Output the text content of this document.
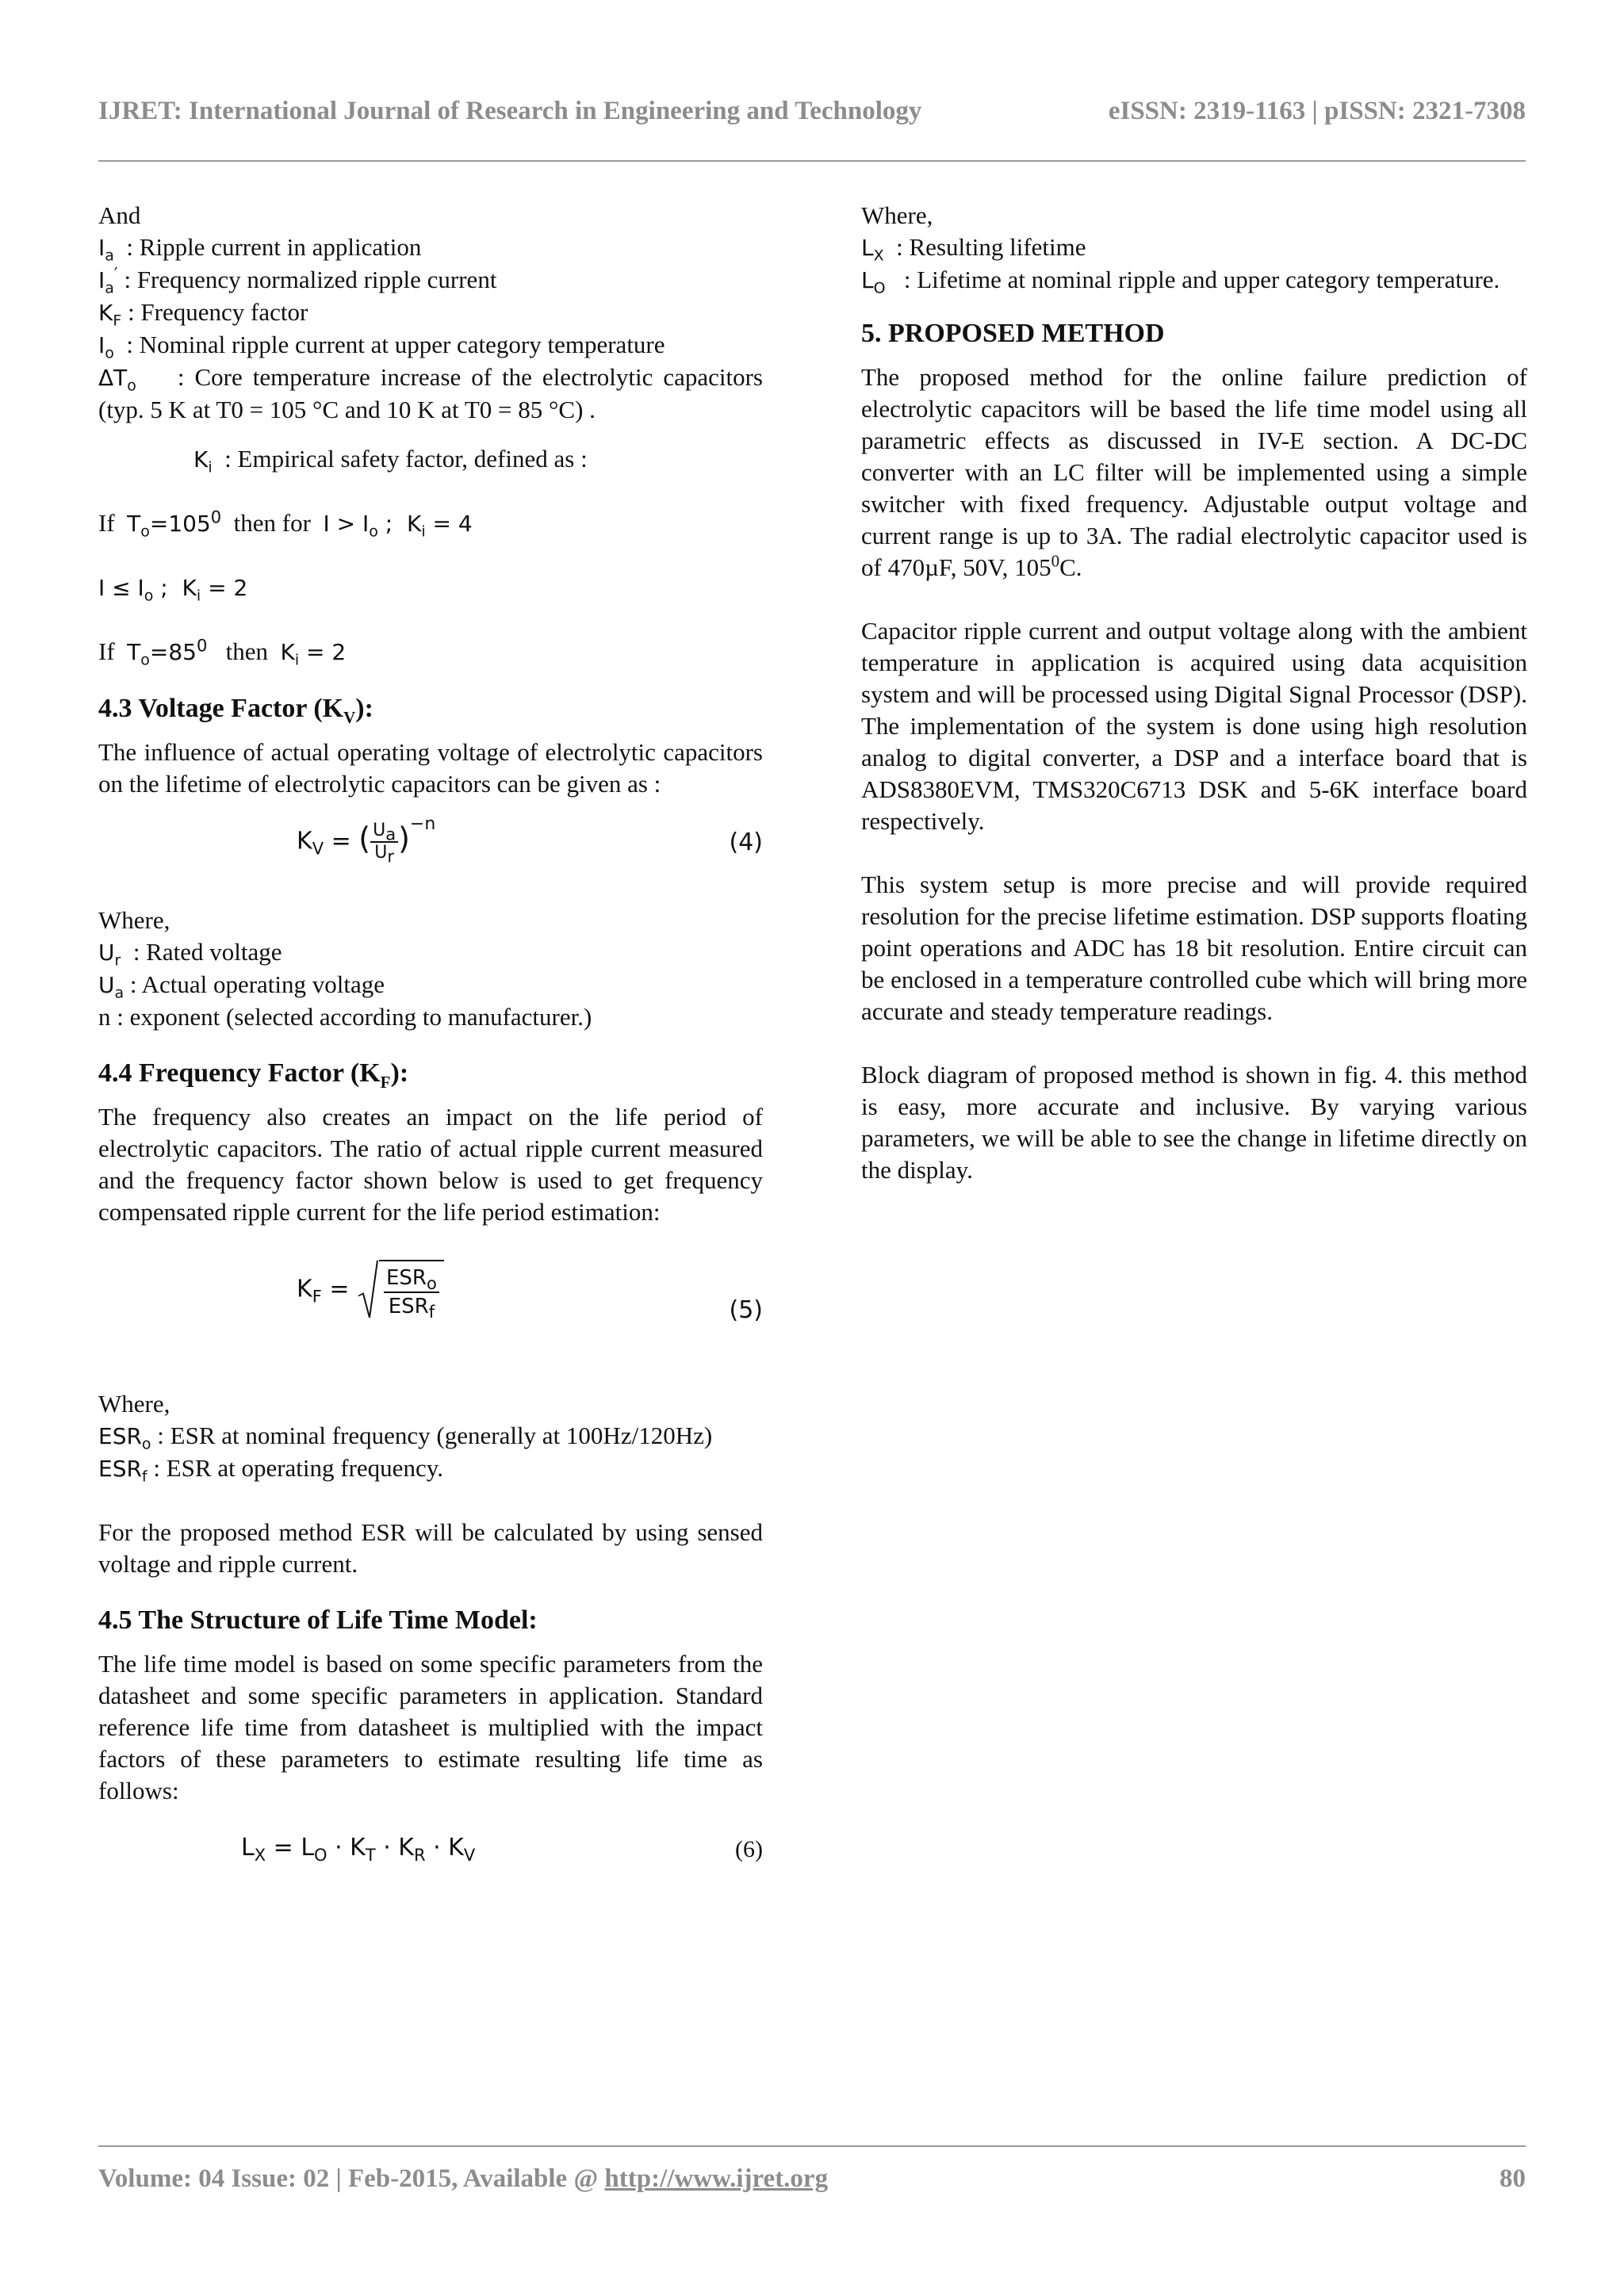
IJRET: International Journal of Research in Engineering and Technology	eISSN: 2319-1163 | pISSN: 2321-7308

And

$I_a$ : Ripple current in application

$I_a'$ : Frequency normalized ripple current

$K_F$ : Frequency factor

$I_o$ : Nominal ripple current at upper category temperature

$\Delta T_o$ : Core temperature increase of the electrolytic capacitors (typ. 5 K at T0 = 105 °C and 10 K at T0 = 85 °C) .

$K_i$ : Empirical safety factor, defined as :

If $T_o=105^0$ then for $I > I_o$ ;  $K_i = 4$

$I \le I_o$ ;  $K_i = 2$

If $T_o=85^0$ then $K_i = 2$

4.3 Voltage Factor $(K_V)$:

The influence of actual operating voltage of electrolytic capacitors on the lifetime of electrolytic capacitors can be given as :

$K_V$ = ( $\frac{U_a}{U_r} )^{-n}$
(4)

Where,

$U_r$ : Rated voltage

$U_a$ : Actual operating voltage

n : exponent (selected according to manufacturer.)

4.4 Frequency Factor $(K_F)$:

The frequency also creates an impact on the life period of electrolytic capacitors. The ratio of actual ripple current measured and the frequency factor shown below is used to get frequency compensated ripple current for the life period estimation:

$K_F = \frac{ESR_o}{ESR_f}$	(5)

Where,

$ESR_o$ : ESR at nominal frequency (generally at 100Hz/120Hz)

$ESR_f$ : ESR at operating frequency.

For the proposed method ESR will be calculated by using sensed voltage and ripple current.

4.5 The Structure of Life Time Model:

The life time model is based on some specific parameters from the datasheet and some specific parameters in application. Standard reference life time from datasheet is multiplied with the impact factors of these parameters to estimate resulting life time as follows:

$L_X = L_O \cdot K_T \cdot K_R \cdot K_V$	(6)

Where,

$L_X$ : Resulting lifetime

$L_O$ : Lifetime at nominal ripple and upper category temperature.

5. PROPOSED METHOD

The proposed method for the online failure prediction of electrolytic capacitors will be based the life time model using all parametric effects as discussed in IV-E section. A DC-DC converter with an LC filter will be implemented using a simple switcher with fixed frequency. Adjustable output voltage and current range is up to 3A. The radial electrolytic capacitor used is of 470µF, 50V, $105^0C$.

Capacitor ripple current and output voltage along with the ambient temperature in application is acquired using data acquisition system and will be processed using Digital Signal Processor (DSP). The implementation of the system is done using high resolution analog to digital converter, a DSP and a interface board that is ADS8380EVM, TMS320C6713 DSK and 5-6K interface board respectively.

This system setup is more precise and will provide required resolution for the precise lifetime estimation. DSP supports floating point operations and ADC has 18 bit resolution. Entire circuit can be enclosed in a temperature controlled cube which will bring more accurate and steady temperature readings.

Block diagram of proposed method is shown in fig. 4. this method is easy, more accurate and inclusive. By varying various parameters, we will be able to see the change in lifetime directly on the display.

Volume: 04 Issue: 02 | Feb-2015, Available @ http://www.ijret.org	80
